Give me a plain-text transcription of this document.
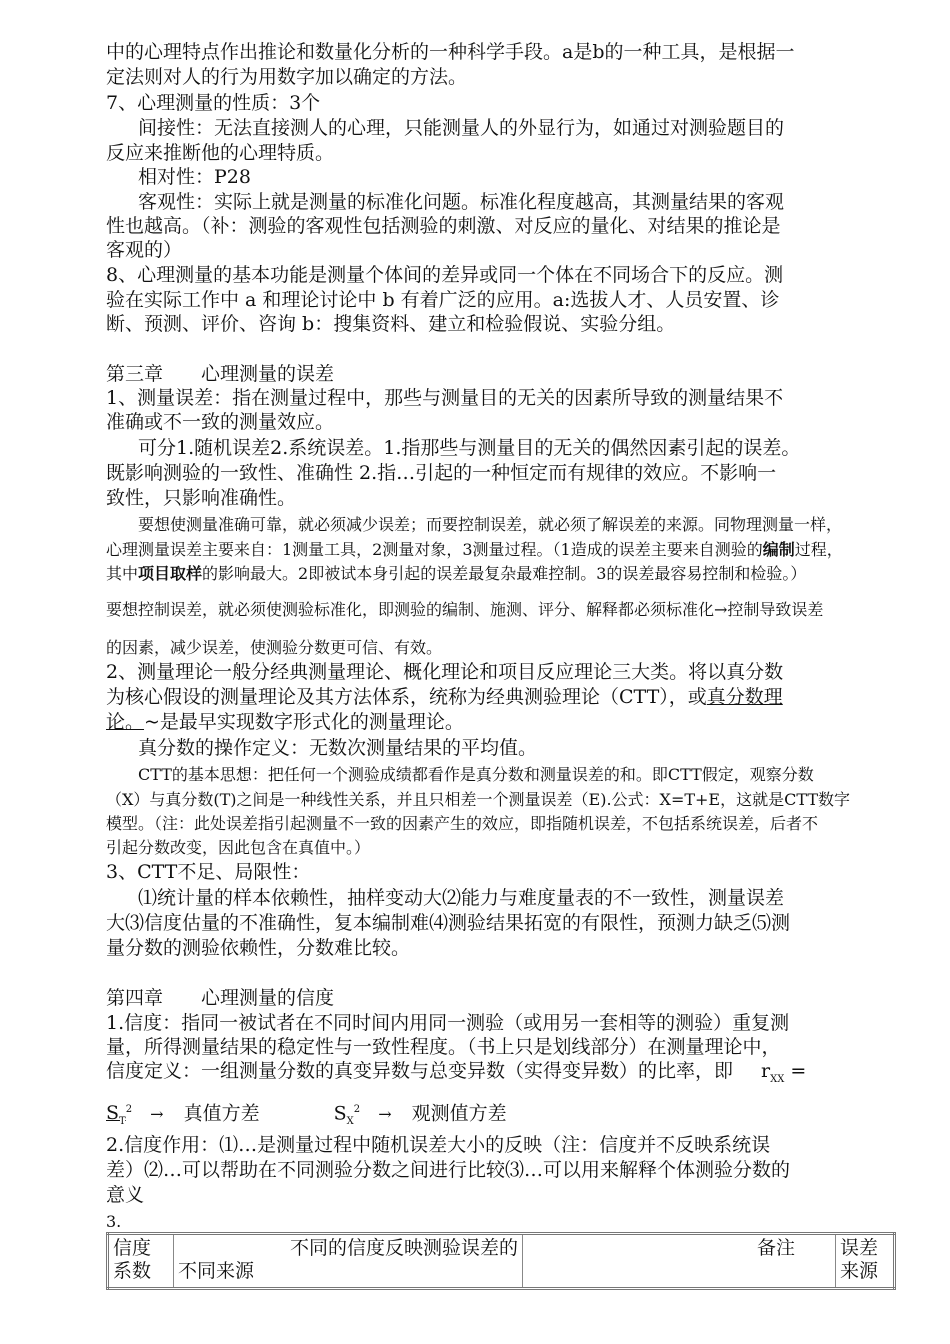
中的心理特点作出推论和数量化分析的一种科学手段。a是b的一种工具，是根据一
定法则对人的行为用数字加以确定的方法。
7、心理测量的性质：3个
间接性：无法直接测人的心理，只能测量人的外显行为，如通过对测验题目的
反应来推断他的心理特质。
相对性：P28
客观性：实际上就是测量的标准化问题。标准化程度越高，其测量结果的客观
性也越高。（补：测验的客观性包括测验的刺激、对反应的量化、对结果的推论是
客观的）
8、心理测量的基本功能是测量个体间的差异或同一个体在不同场合下的反应。测
验在实际工作中 a 和理论讨论中 b 有着广泛的应用。a:选拔人才、人员安置、诊
断、预测、评价、咨询 b：搜集资料、建立和检验假说、实验分组。
第三章　　心理测量的误差
1、测量误差：指在测量过程中，那些与测量目的无关的因素所导致的测量结果不
准确或不一致的测量效应。
可分1.随机误差2.系统误差。1.指那些与测量目的无关的偶然因素引起的误差。
既影响测验的一致性、准确性 2.指…引起的一种恒定而有规律的效应。不影响一
致性，只影响准确性。
要想使测量准确可靠，就必须减少误差；而要控制误差，就必须了解误差的来源。同物理测量一样，
心理测量误差主要来自：1测量工具，2测量对象，3测量过程。（1造成的误差主要来自测验的编制过程，
其中项目取样的影响最大。2即被试本身引起的误差最复杂最难控制。3的误差最容易控制和检验。）
要想控制误差，就必须使测验标准化，即测验的编制、施测、评分、解释都必须标准化→控制导致误差
的因素，减少误差，使测验分数更可信、有效。
2、测量理论一般分经典测量理论、概化理论和项目反应理论三大类。将以真分数
为核心假设的测量理论及其方法体系，统称为经典测验理论（CTT），或真分数理
论。~是最早实现数字形式化的测量理论。
真分数的操作定义：无数次测量结果的平均值。
CTT的基本思想：把任何一个测验成绩都看作是真分数和测量误差的和。即CTT假定，观察分数
（X）与真分数(T)之间是一种线性关系，并且只相差一个测量误差（E).公式：X=T+E，这就是CTT数字
模型。（注：此处误差指引起测量不一致的因素产生的效应，即指随机误差，不包括系统误差，后者不
引起分数改变，因此包含在真值中。）
3、CTT不足、局限性：
⑴统计量的样本依赖性，抽样变动大⑵能力与难度量表的不一致性，测量误差
大⑶信度估量的不准确性，复本编制难⑷测验结果拓宽的有限性，预测力缺乏⑸测
量分数的测验依赖性，分数难比较。
第四章　　心理测量的信度
1.信度：指同一被试者在不同时间内用同一测验（或用另一套相等的测验）重复测
量，所得测量结果的稳定性与一致性程度。（书上只是划线部分）在测量理论中，
信度定义：一组测量分数的真变异数与总变异数（实得变异数）的比率，即 $r_{XX}$ =
$S_T^2$ → 真值方差	$S_X^2$ → 观测值方差
2.信度作用：⑴…是测量过程中随机误差大小的反映（注：信度并不反映系统误
差）⑵…可以帮助在不同测验分数之间进行比较⑶…可以用来解释个体测验分数的
意义
3.
信度系数	不同的信度反映测验误差的不同来源	备注	误差来源
